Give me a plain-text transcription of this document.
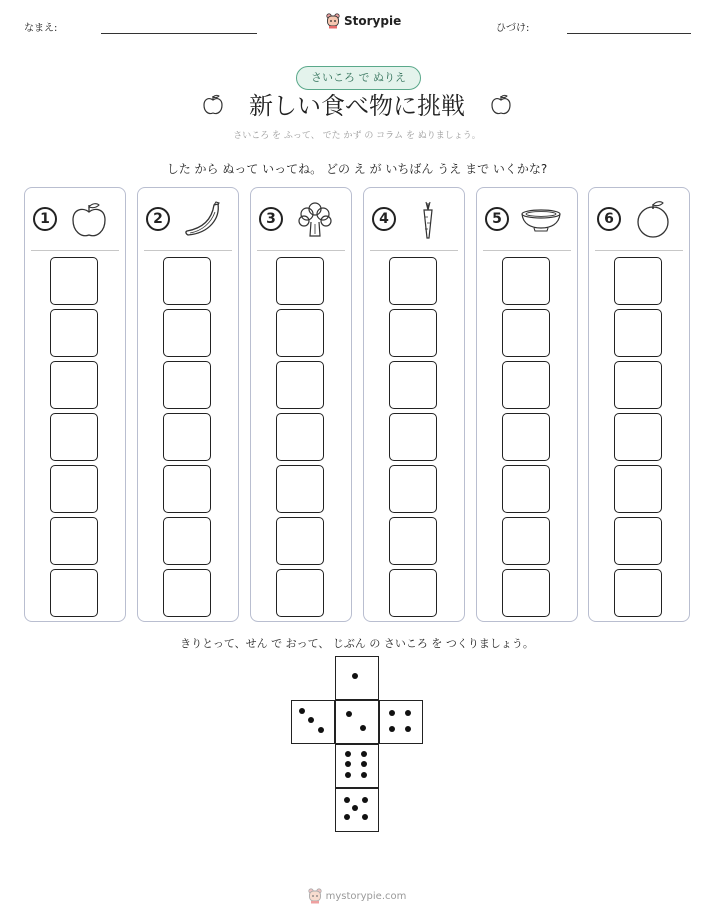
なまえ:
Storypie
ひづけ:
さいころ で ぬりえ
新しい食べ物に挑戦
さいころ を ふって、 でた かず の コラム を ぬりましょう。
した から ぬって いってね。 どの え が いちばん うえ まで いくかな?
1	2	3	4	5	6
きりとって、せん で おって、 じぶん の さいころ を つくりましょう。
mystorypie.com
